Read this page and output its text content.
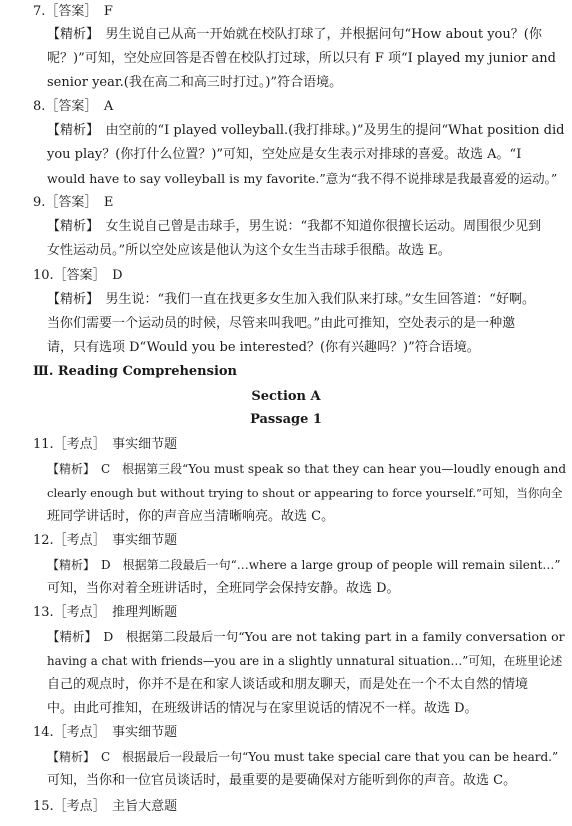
7.［答案］　F
【精析】　男生说自己从高一开始就在校队打球了，并根据问句“How about you？(你
呢？)”可知，空处应回答是否曾在校队打过球，所以只有 F 项“I played my junior and
senior year.(我在高二和高三时打过。)”符合语境。
8.［答案］　A
【精析】　由空前的“I played volleyball.(我打排球。)”及男生的提问“What position did
you play？(你打什么位置？)”可知，空处应是女生表示对排球的喜爱。故选 A。“I
would have to say volleyball is my favorite.”意为“我不得不说排球是我最喜爱的运动。”
9.［答案］　E
【精析】　女生说自己曾是击球手，男生说：“我都不知道你很擅长运动。周围很少见到
女性运动员。”所以空处应该是他认为这个女生当击球手很酷。故选 E。
10.［答案］　D
【精析】　男生说：“我们一直在找更多女生加入我们队来打球。”女生回答道：“好啊。
当你们需要一个运动员的时候，尽管来叫我吧。”由此可推知，空处表示的是一种邀
请，只有选项 D“Would you be interested？(你有兴趣吗？)”符合语境。
Ⅲ. Reading Comprehension
Section A
Passage 1
11.［考点］　事实细节题
【精析】　C　根据第三段“You must speak so that they can hear you—loudly enough and
clearly enough but without trying to shout or appearing to force yourself.”可知，当你向全
班同学讲话时，你的声音应当清晰响亮。故选 C。
12.［考点］　事实细节题
【精析】　D　根据第二段最后一句“…where a large group of people will remain silent…”
可知，当你对着全班讲话时，全班同学会保持安静。故选 D。
13.［考点］　推理判断题
【精析】　D　根据第二段最后一句“You are not taking part in a family conversation or
having a chat with friends—you are in a slightly unnatural situation…”可知，在班里论述
自己的观点时，你并不是在和家人谈话或和朋友聊天，而是处在一个不太自然的情境
中。由此可推知，在班级讲话的情况与在家里说话的情况不一样。故选 D。
14.［考点］　事实细节题
【精析】　C　根据最后一段最后一句“You must take special care that you can be heard.”
可知，当你和一位官员谈话时，最重要的是要确保对方能听到你的声音。故选 C。
15.［考点］　主旨大意题
